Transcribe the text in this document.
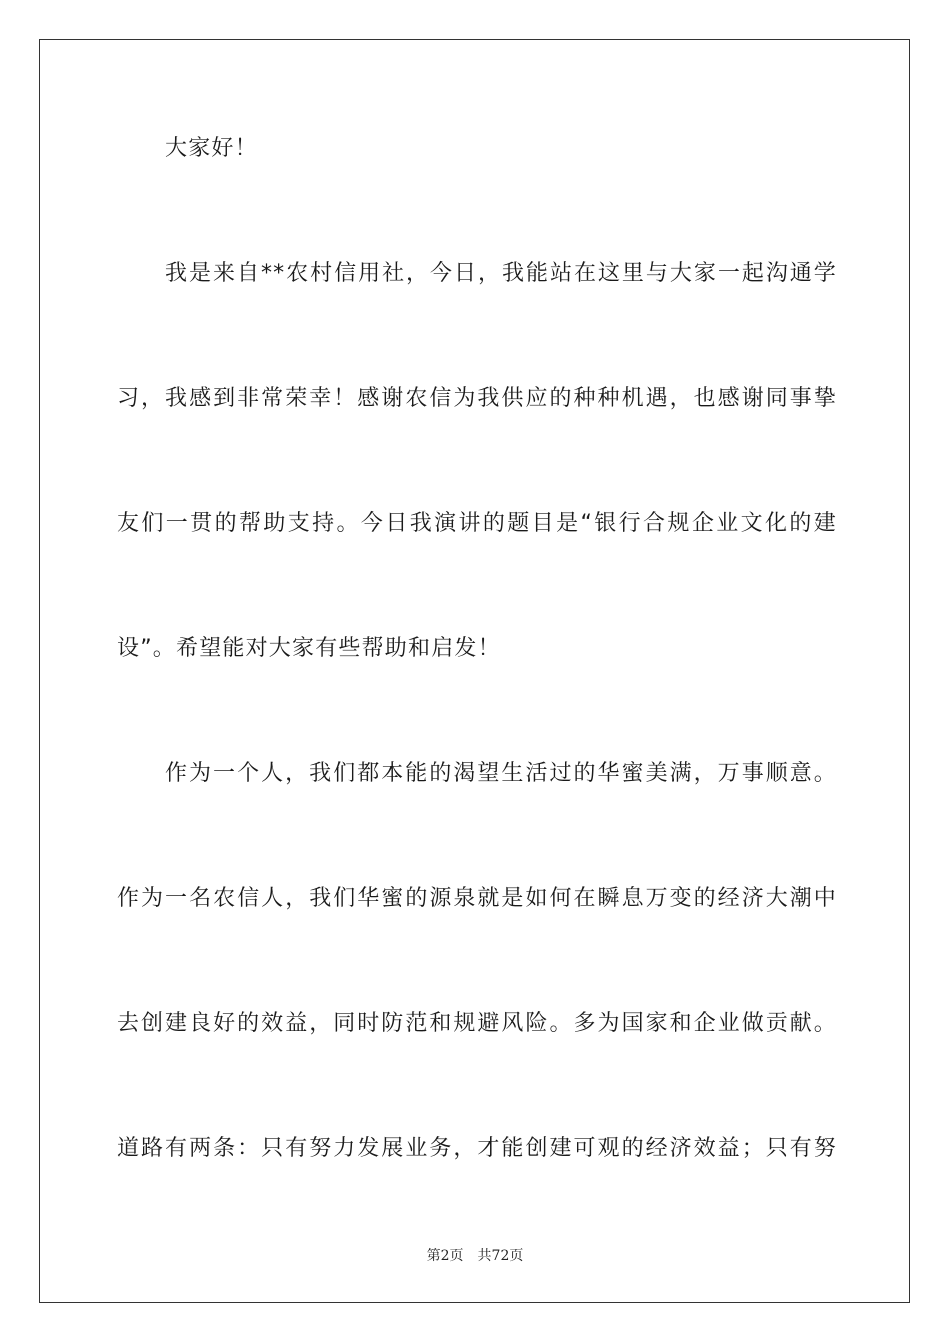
大家好！
我是来自**农村信用社，今日，我能站在这里与大家一起沟通学
习，我感到非常荣幸！感谢农信为我供应的种种机遇，也感谢同事挚
友们一贯的帮助支持。今日我演讲的题目是“银行合规企业文化的建
设”。希望能对大家有些帮助和启发！
作为一个人，我们都本能的渴望生活过的华蜜美满，万事顺意。
作为一名农信人，我们华蜜的源泉就是如何在瞬息万变的经济大潮中
去创建良好的效益，同时防范和规避风险。多为国家和企业做贡献。
道路有两条：只有努力发展业务，才能创建可观的经济效益；只有努
第2页 共72页
